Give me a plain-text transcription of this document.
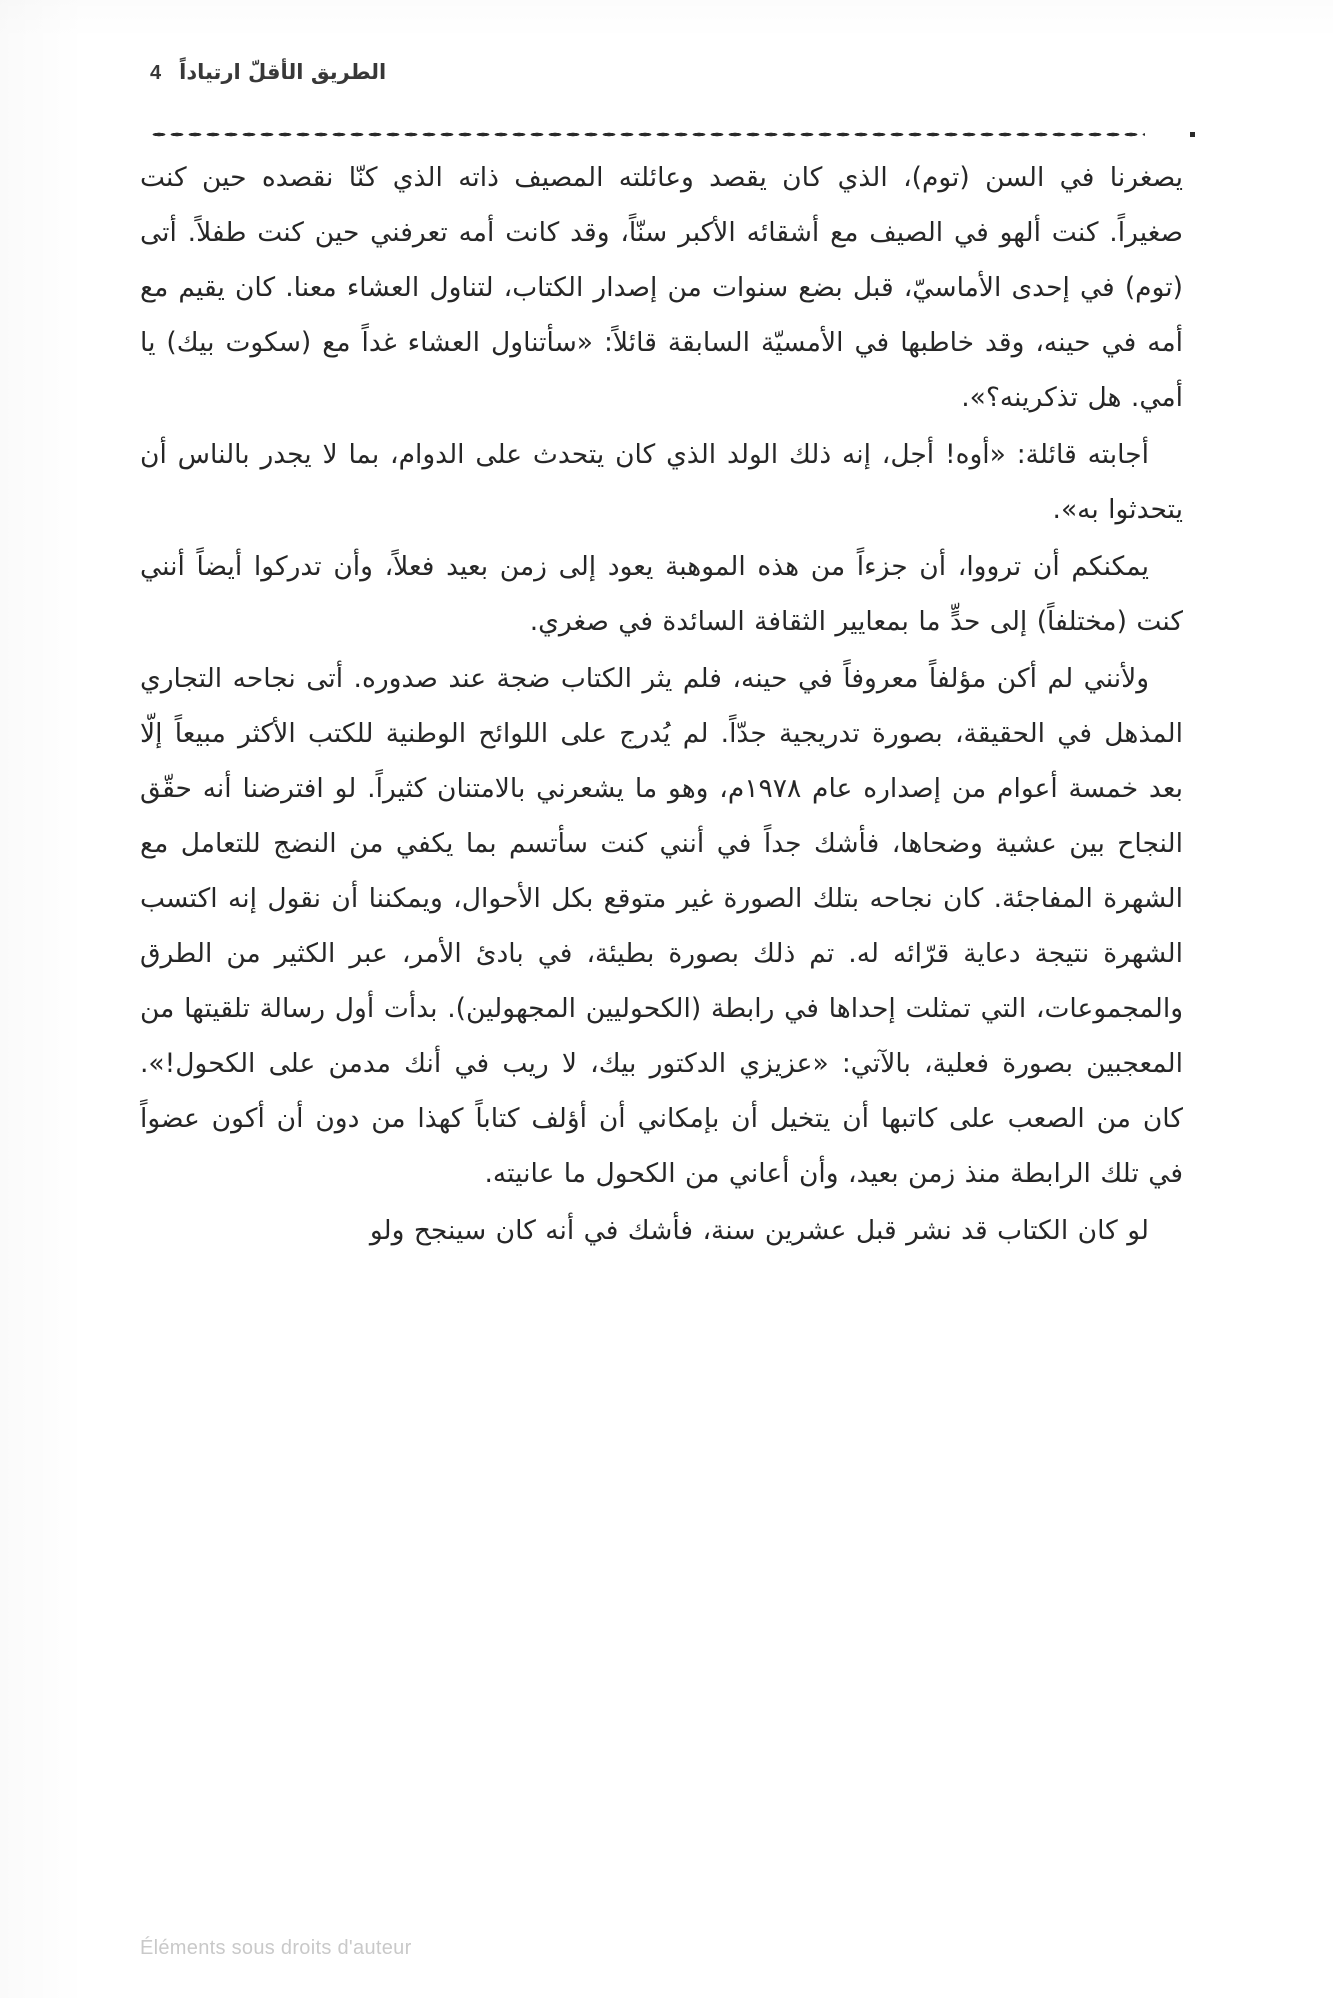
الطريق الأقلّ ارتياداً
4

يصغرنا في السن (توم)، الذي كان يقصد وعائلته المصيف ذاته الذي كنّا نقصده حين كنت صغيراً. كنت ألهو في الصيف مع أشقائه الأكبر سنّاً، وقد كانت أمه تعرفني حين كنت طفلاً. أتى (توم) في إحدى الأماسيّ، قبل بضع سنوات من إصدار الكتاب، لتناول العشاء معنا. كان يقيم مع أمه في حينه، وقد خاطبها في الأمسيّة السابقة قائلاً: «سأتناول العشاء غداً مع (سكوت بيك) يا أمي. هل تذكرينه؟».

أجابته قائلة: «أوه! أجل، إنه ذلك الولد الذي كان يتحدث على الدوام، بما لا يجدر بالناس أن يتحدثوا به».

يمكنكم أن ترووا، أن جزءاً من هذه الموهبة يعود إلى زمن بعيد فعلاً، وأن تدركوا أيضاً أنني كنت (مختلفاً) إلى حدٍّ ما بمعايير الثقافة السائدة في صغري.

ولأنني لم أكن مؤلفاً معروفاً في حينه، فلم يثر الكتاب ضجة عند صدوره. أتى نجاحه التجاري المذهل في الحقيقة، بصورة تدريجية جدّاً. لم يُدرج على اللوائح الوطنية للكتب الأكثر مبيعاً إلّا بعد خمسة أعوام من إصداره عام ١٩٧٨م، وهو ما يشعرني بالامتنان كثيراً. لو افترضنا أنه حقّق النجاح بين عشية وضحاها، فأشك جداً في أنني كنت سأتسم بما يكفي من النضج للتعامل مع الشهرة المفاجئة. كان نجاحه بتلك الصورة غير متوقع بكل الأحوال، ويمكننا أن نقول إنه اكتسب الشهرة نتيجة دعاية قرّائه له. تم ذلك بصورة بطيئة، في بادئ الأمر، عبر الكثير من الطرق والمجموعات، التي تمثلت إحداها في رابطة (الكحوليين المجهولين). بدأت أول رسالة تلقيتها من المعجبين بصورة فعلية، بالآتي: «عزيزي الدكتور بيك، لا ريب في أنك مدمن على الكحول!». كان من الصعب على كاتبها أن يتخيل أن بإمكاني أن أؤلف كتاباً كهذا من دون أن أكون عضواً في تلك الرابطة منذ زمن بعيد، وأن أعاني من الكحول ما عانيته.

لو كان الكتاب قد نشر قبل عشرين سنة، فأشك في أنه كان سينجح ولو

Éléments sous droits d'auteur
